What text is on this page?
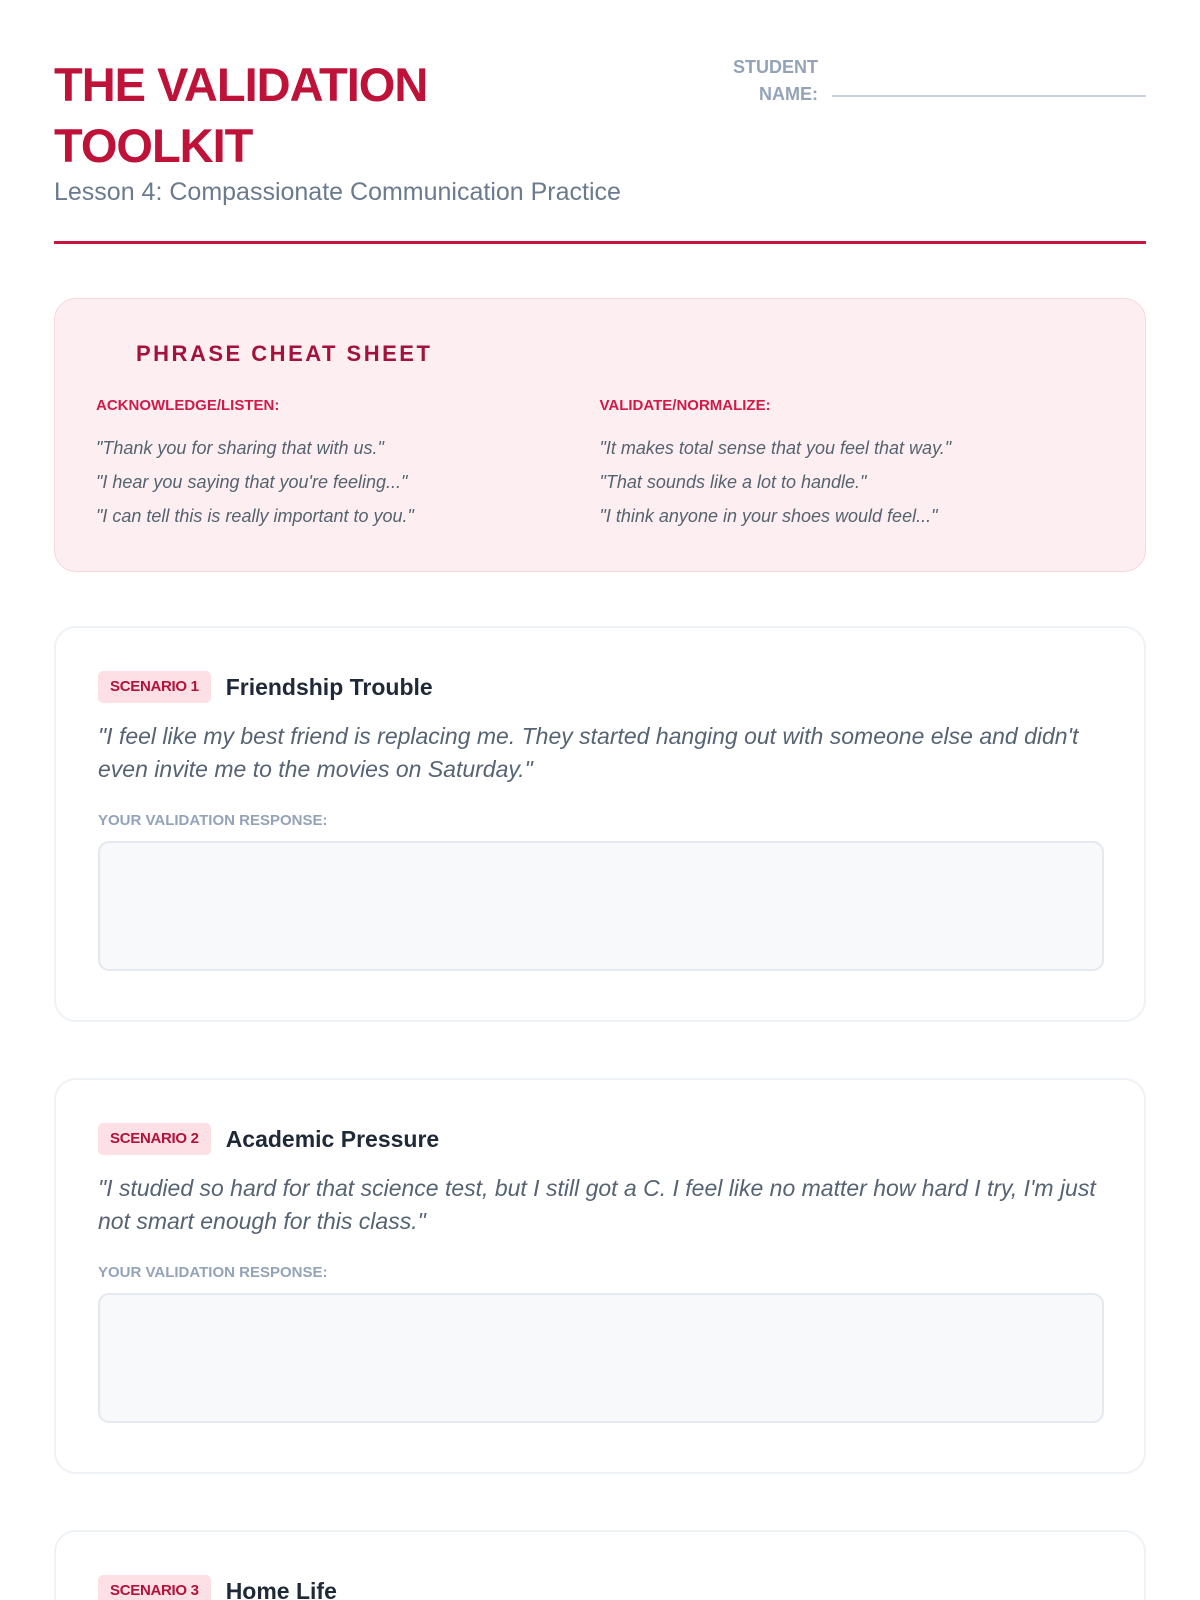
THE VALIDATION TOOLKIT

Lesson 4: Compassionate Communication Practice

STUDENT NAME:
PHRASE CHEAT SHEET

ACKNOWLEDGE/LISTEN:

"Thank you for sharing that with us."

"I hear you saying that you're feeling..."

"I can tell this is really important to you."

VALIDATE/NORMALIZE:

"It makes total sense that you feel that way."

"That sounds like a lot to handle."

"I think anyone in your shoes would feel..."

SCENARIO 1	Friendship Trouble

"I feel like my best friend is replacing me. They started hanging out with someone else and didn't even invite me to the movies on Saturday."

YOUR VALIDATION RESPONSE:

SCENARIO 2	Academic Pressure

"I studied so hard for that science test, but I still got a C. I feel like no matter how hard I try, I'm just not smart enough for this class."

YOUR VALIDATION RESPONSE:

SCENARIO 3	Home Life
